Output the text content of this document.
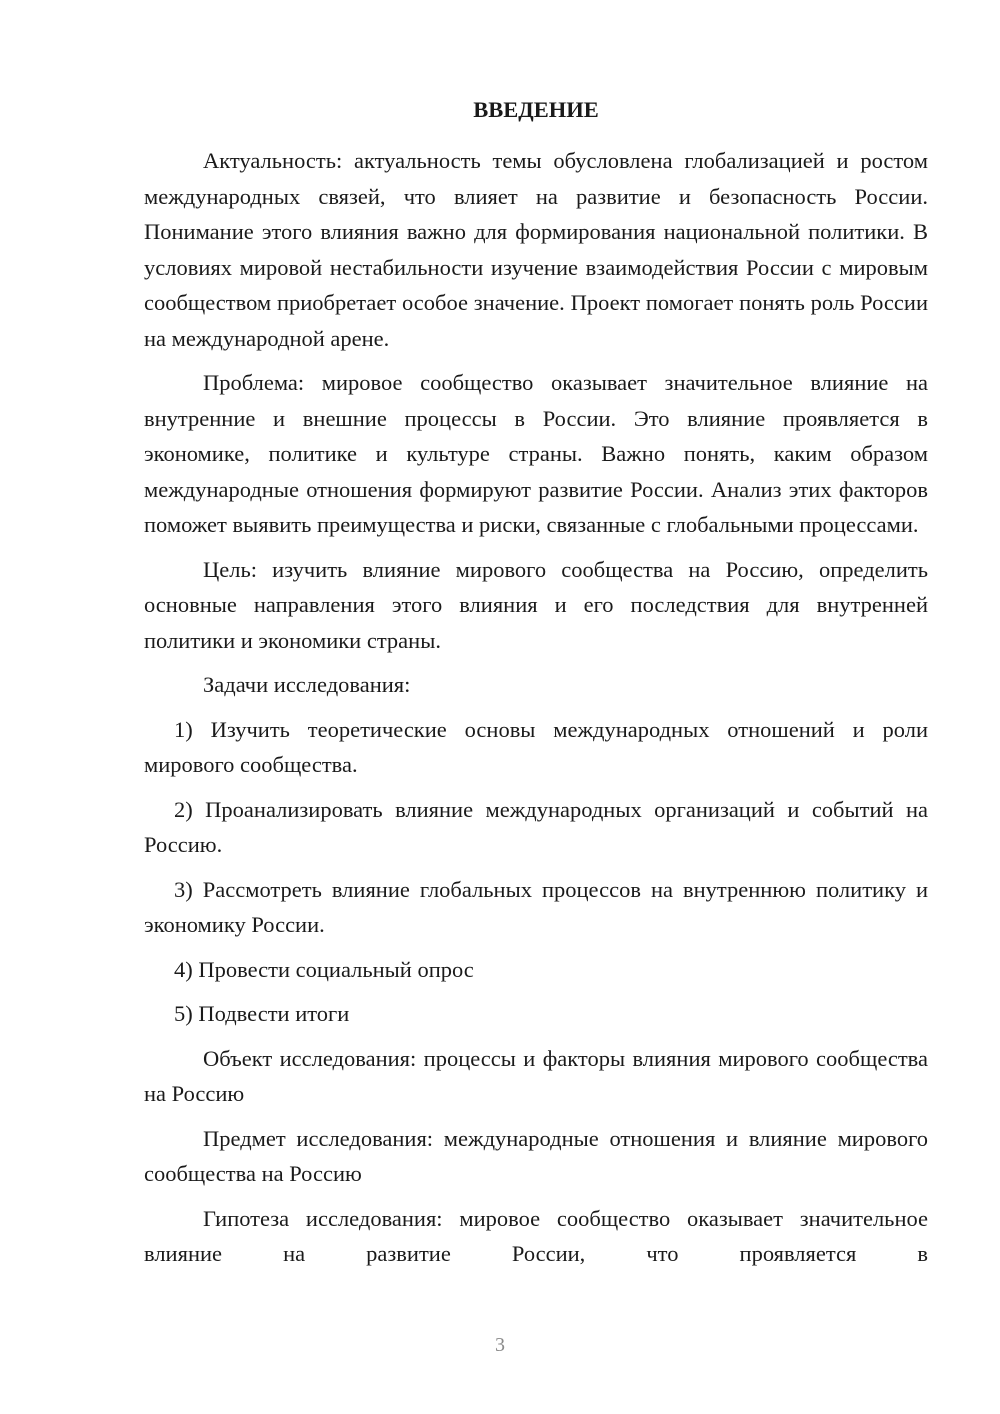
ВВЕДЕНИЕ

Актуальность: актуальность темы обусловлена глобализацией и ростом международных связей, что влияет на развитие и безопасность России. Понимание этого влияния важно для формирования национальной политики. В условиях мировой нестабильности изучение взаимодействия России с мировым сообществом приобретает особое значение. Проект помогает понять роль России на международной арене.

Проблема: мировое сообщество оказывает значительное влияние на внутренние и внешние процессы в России. Это влияние проявляется в экономике, политике и культуре страны. Важно понять, каким образом международные отношения формируют развитие России. Анализ этих факторов поможет выявить преимущества и риски, связанные с глобальными процессами.

Цель: изучить влияние мирового сообщества на Россию, определить основные направления этого влияния и его последствия для внутренней политики и экономики страны.

Задачи исследования:

1) Изучить теоретические основы международных отношений и роли мирового сообщества.

2) Проанализировать влияние международных организаций и событий на Россию.

3) Рассмотреть влияние глобальных процессов на внутреннюю политику и экономику России.

4) Провести социальный опрос

5) Подвести итоги

Объект исследования: процессы и факторы влияния мирового сообщества на Россию

Предмет исследования: международные отношения и влияние мирового сообщества на Россию

Гипотеза исследования: мировое сообщество оказывает значительное влияние на развитие России, что проявляется в

3
